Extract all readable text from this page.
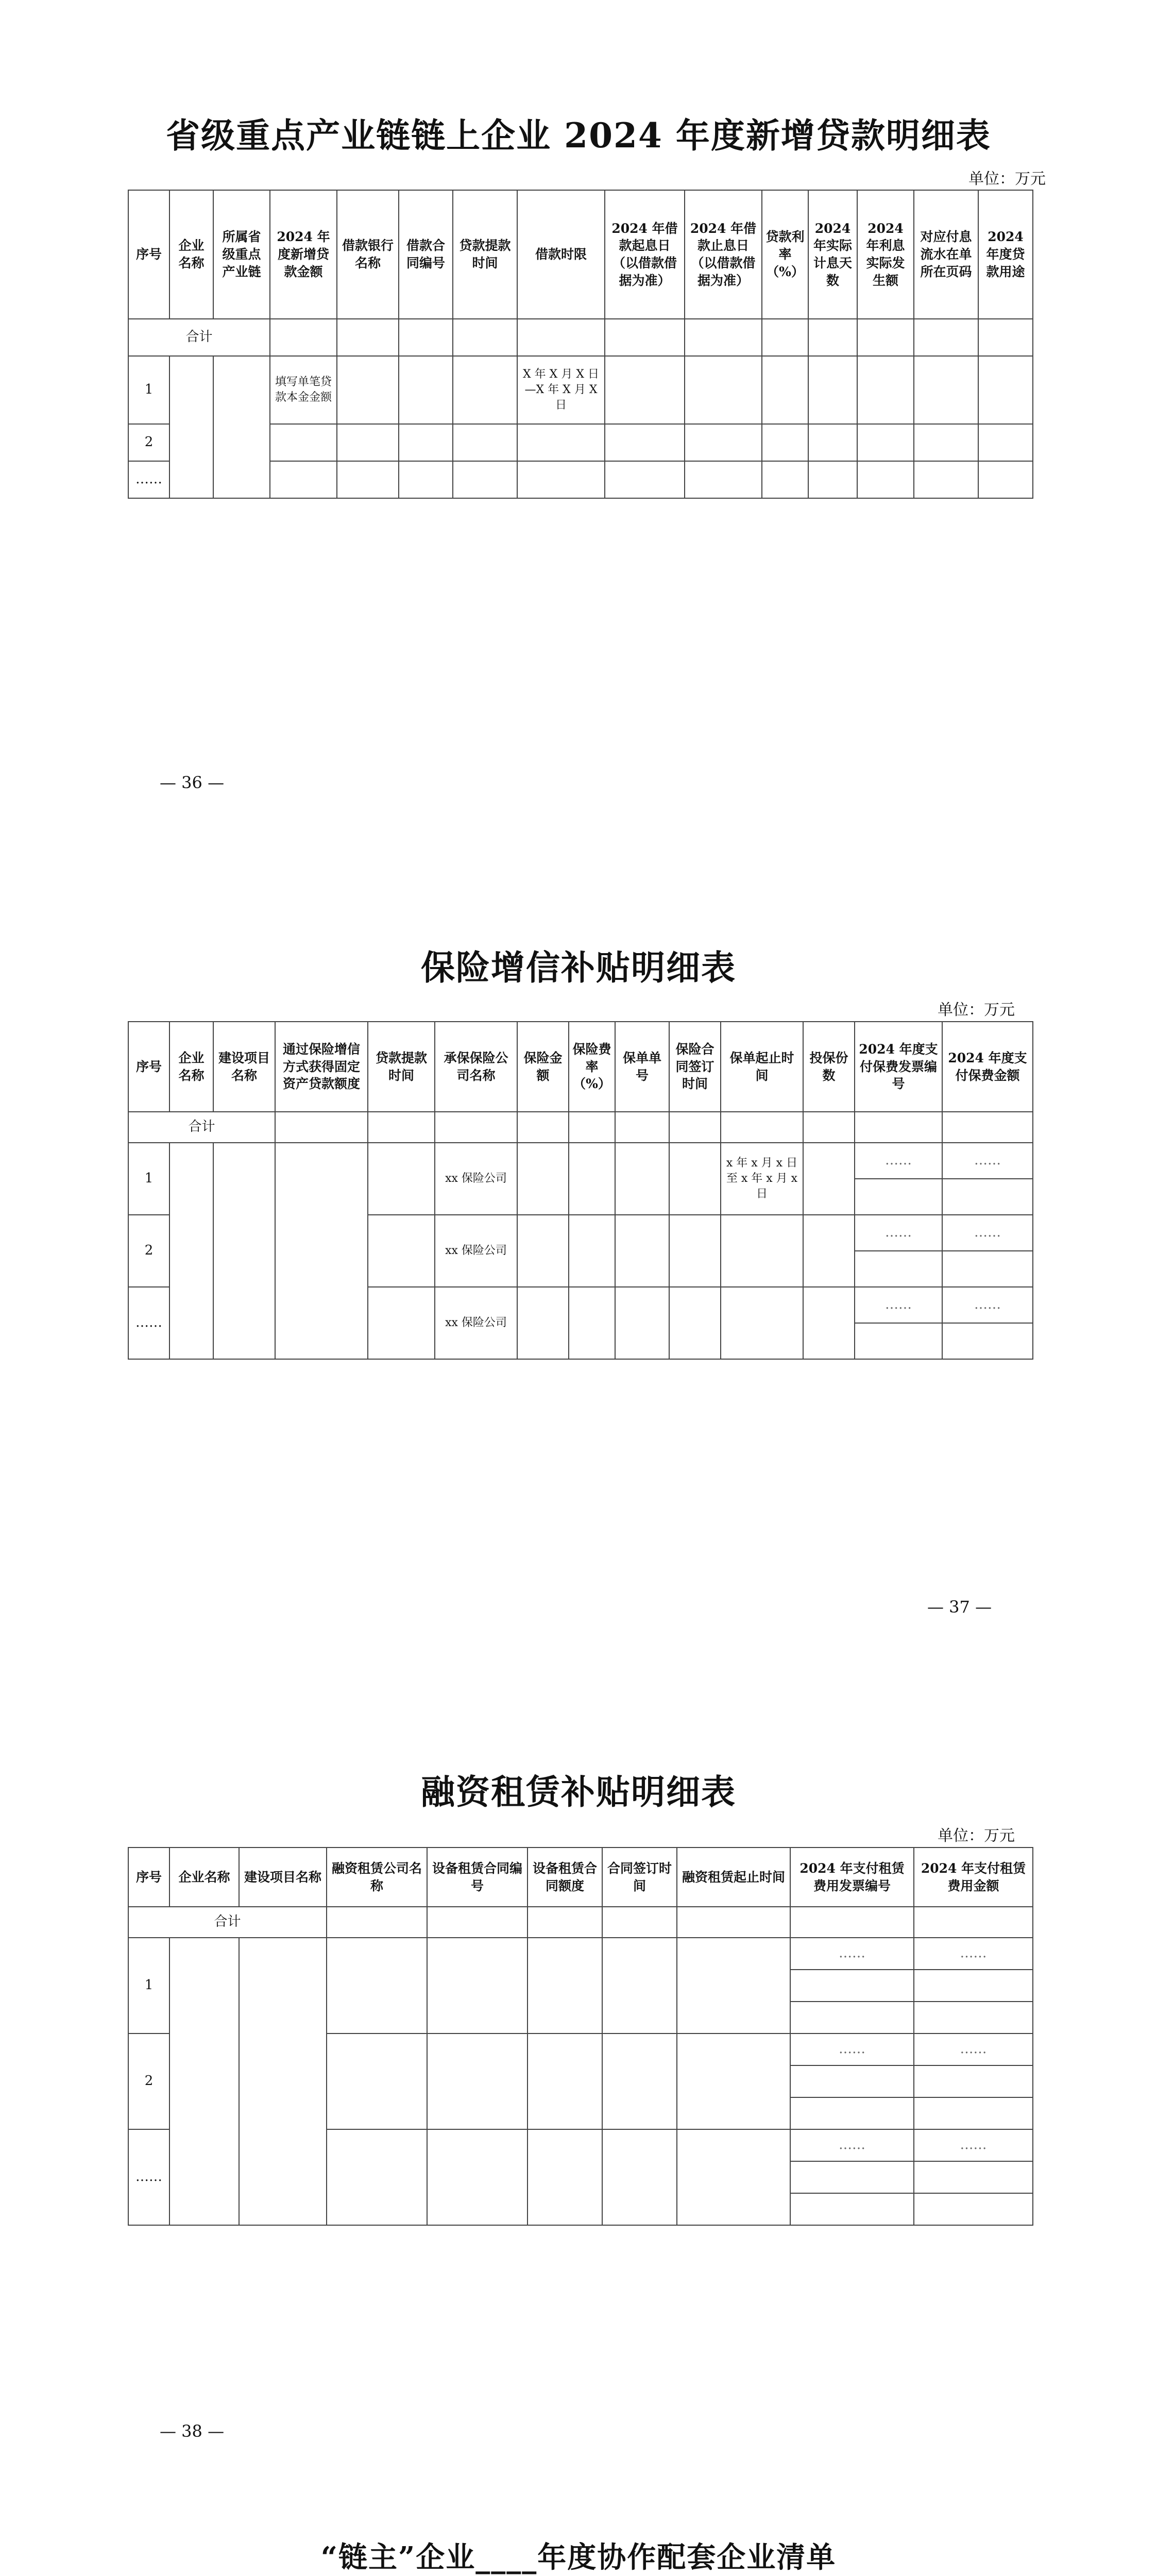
省级重点产业链链上企业 2024 年度新增贷款明细表
单位：万元
序号	企业名称	所属省级重点产业链	2024 年度新增贷款金额	借款银行名称	借款合同编号	贷款提款时间	借款时限	2024 年借款起息日（以借款借据为准）	2024 年借款止息日（以借款借据为准）	贷款利率（%）	2024 年实际计息天数	2024 年利息实际发生额	对应付息流水在单所在页码	2024 年度贷款用途
合计														
1			填写单笔贷款本金金额				X 年 X 月 X 日—X 年 X 月 X 日							
2														
……														
— 36 —
保险增信补贴明细表
单位：万元
序号	企业名称	建设项目名称	通过保险增信方式获得固定资产贷款额度	贷款提款时间	承保保险公司名称	保险金额	保险费率（%）	保单单号	保险合同签订时间	保单起止时间	投保份数	2024 年度支付保费发票编号	2024 年度支付保费金额
合计													
1					xx 保险公司					x 年 x 月 x 日至 x 年 x 月 x 日		……	……

2					xx 保险公司							……	……

……					xx 保险公司							……	……

— 37 —
融资租赁补贴明细表
单位：万元
序号	企业名称	建设项目名称	融资租赁公司名称	设备租赁合同编号	设备租赁合同额度	合同签订时间	融资租赁起止时间	2024 年支付租赁费用发票编号	2024 年支付租赁费用金额
合计									
1								……	……

2								……	……

……								……	……

— 38 —
“链主”企业____年度协作配套企业清单
